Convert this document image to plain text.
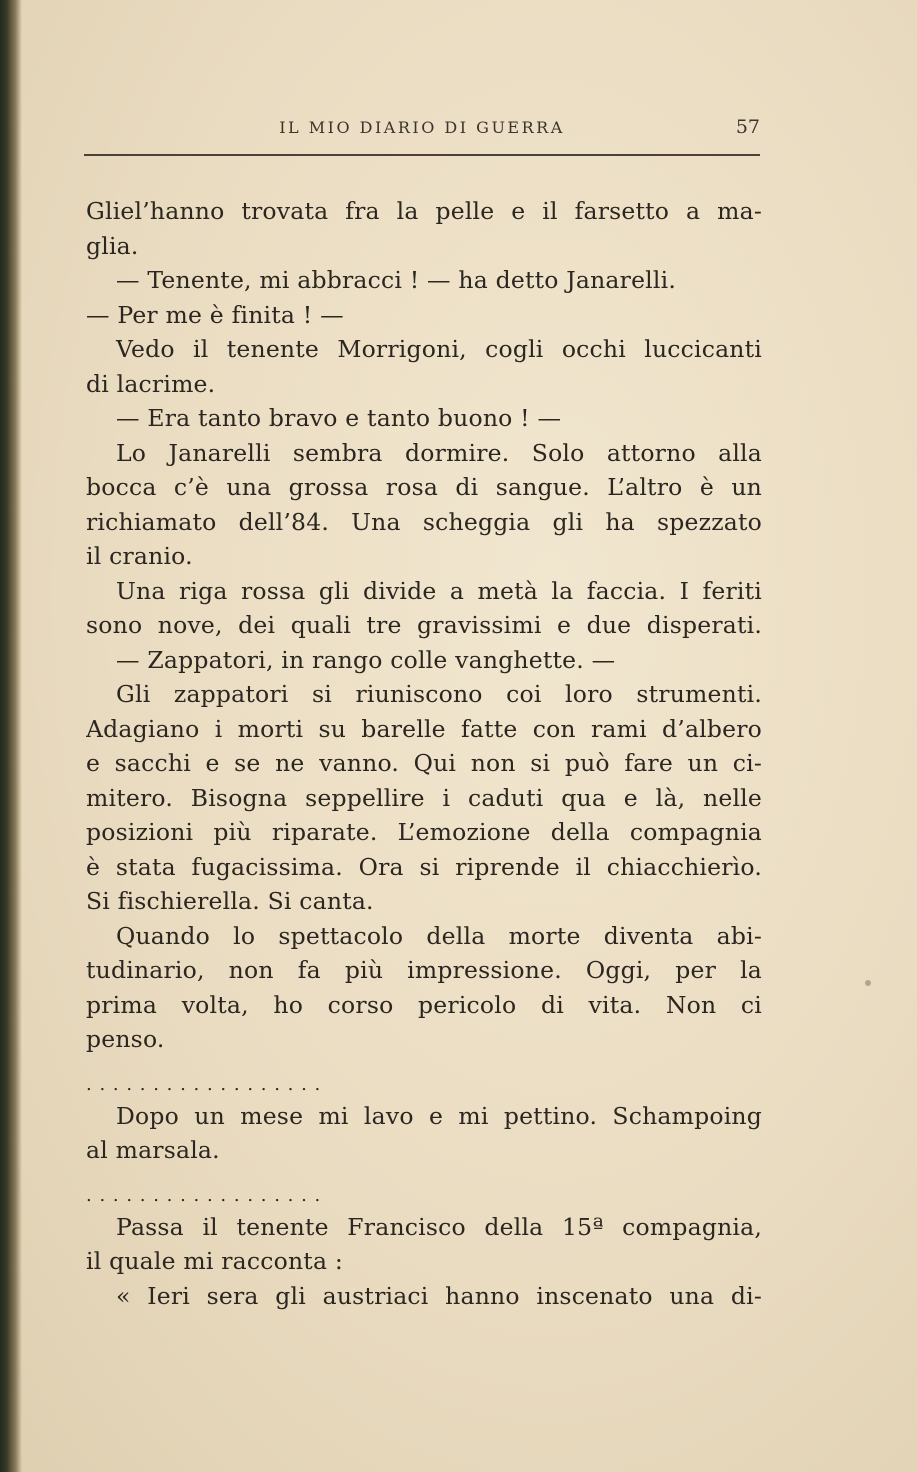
IL MIO DIARIO DI GUERRA	57
Gliel’hanno trovata fra la pelle e il farsetto a ma-
glia.
— Tenente, mi abbracci ! — ha detto Janarelli.
— Per me è finita ! —
Vedo il tenente Morrigoni, cogli occhi luccicanti
di lacrime.
— Era tanto bravo e tanto buono ! —
Lo Janarelli sembra dormire. Solo attorno alla
bocca c’è una grossa rosa di sangue. L’altro è un
richiamato dell’84. Una scheggia gli ha spezzato
il cranio.
Una riga rossa gli divide a metà la faccia. I feriti
sono nove, dei quali tre gravissimi e due disperati.
— Zappatori, in rango colle vanghette. —
Gli zappatori si riuniscono coi loro strumenti.
Adagiano i morti su barelle fatte con rami d’albero
e sacchi e se ne vanno. Qui non si può fare un ci-
mitero. Bisogna seppellire i caduti qua e là, nelle
posizioni più riparate. L’emozione della compagnia
è stata fugacissima. Ora si riprende il chiacchierìo.
Si fischierella. Si canta.
Quando lo spettacolo della morte diventa abi-
tudinario, non fa più impressione. Oggi, per la
prima volta, ho corso pericolo di vita. Non ci
penso.
. . . . . . . . . . . . . . . . . .
Dopo un mese mi lavo e mi pettino. Schampoing
al marsala.
. . . . . . . . . . . . . . . . . .
Passa il tenente Francisco della 15ª compagnia,
il quale mi racconta :
« Ieri sera gli austriaci hanno inscenato una di-
